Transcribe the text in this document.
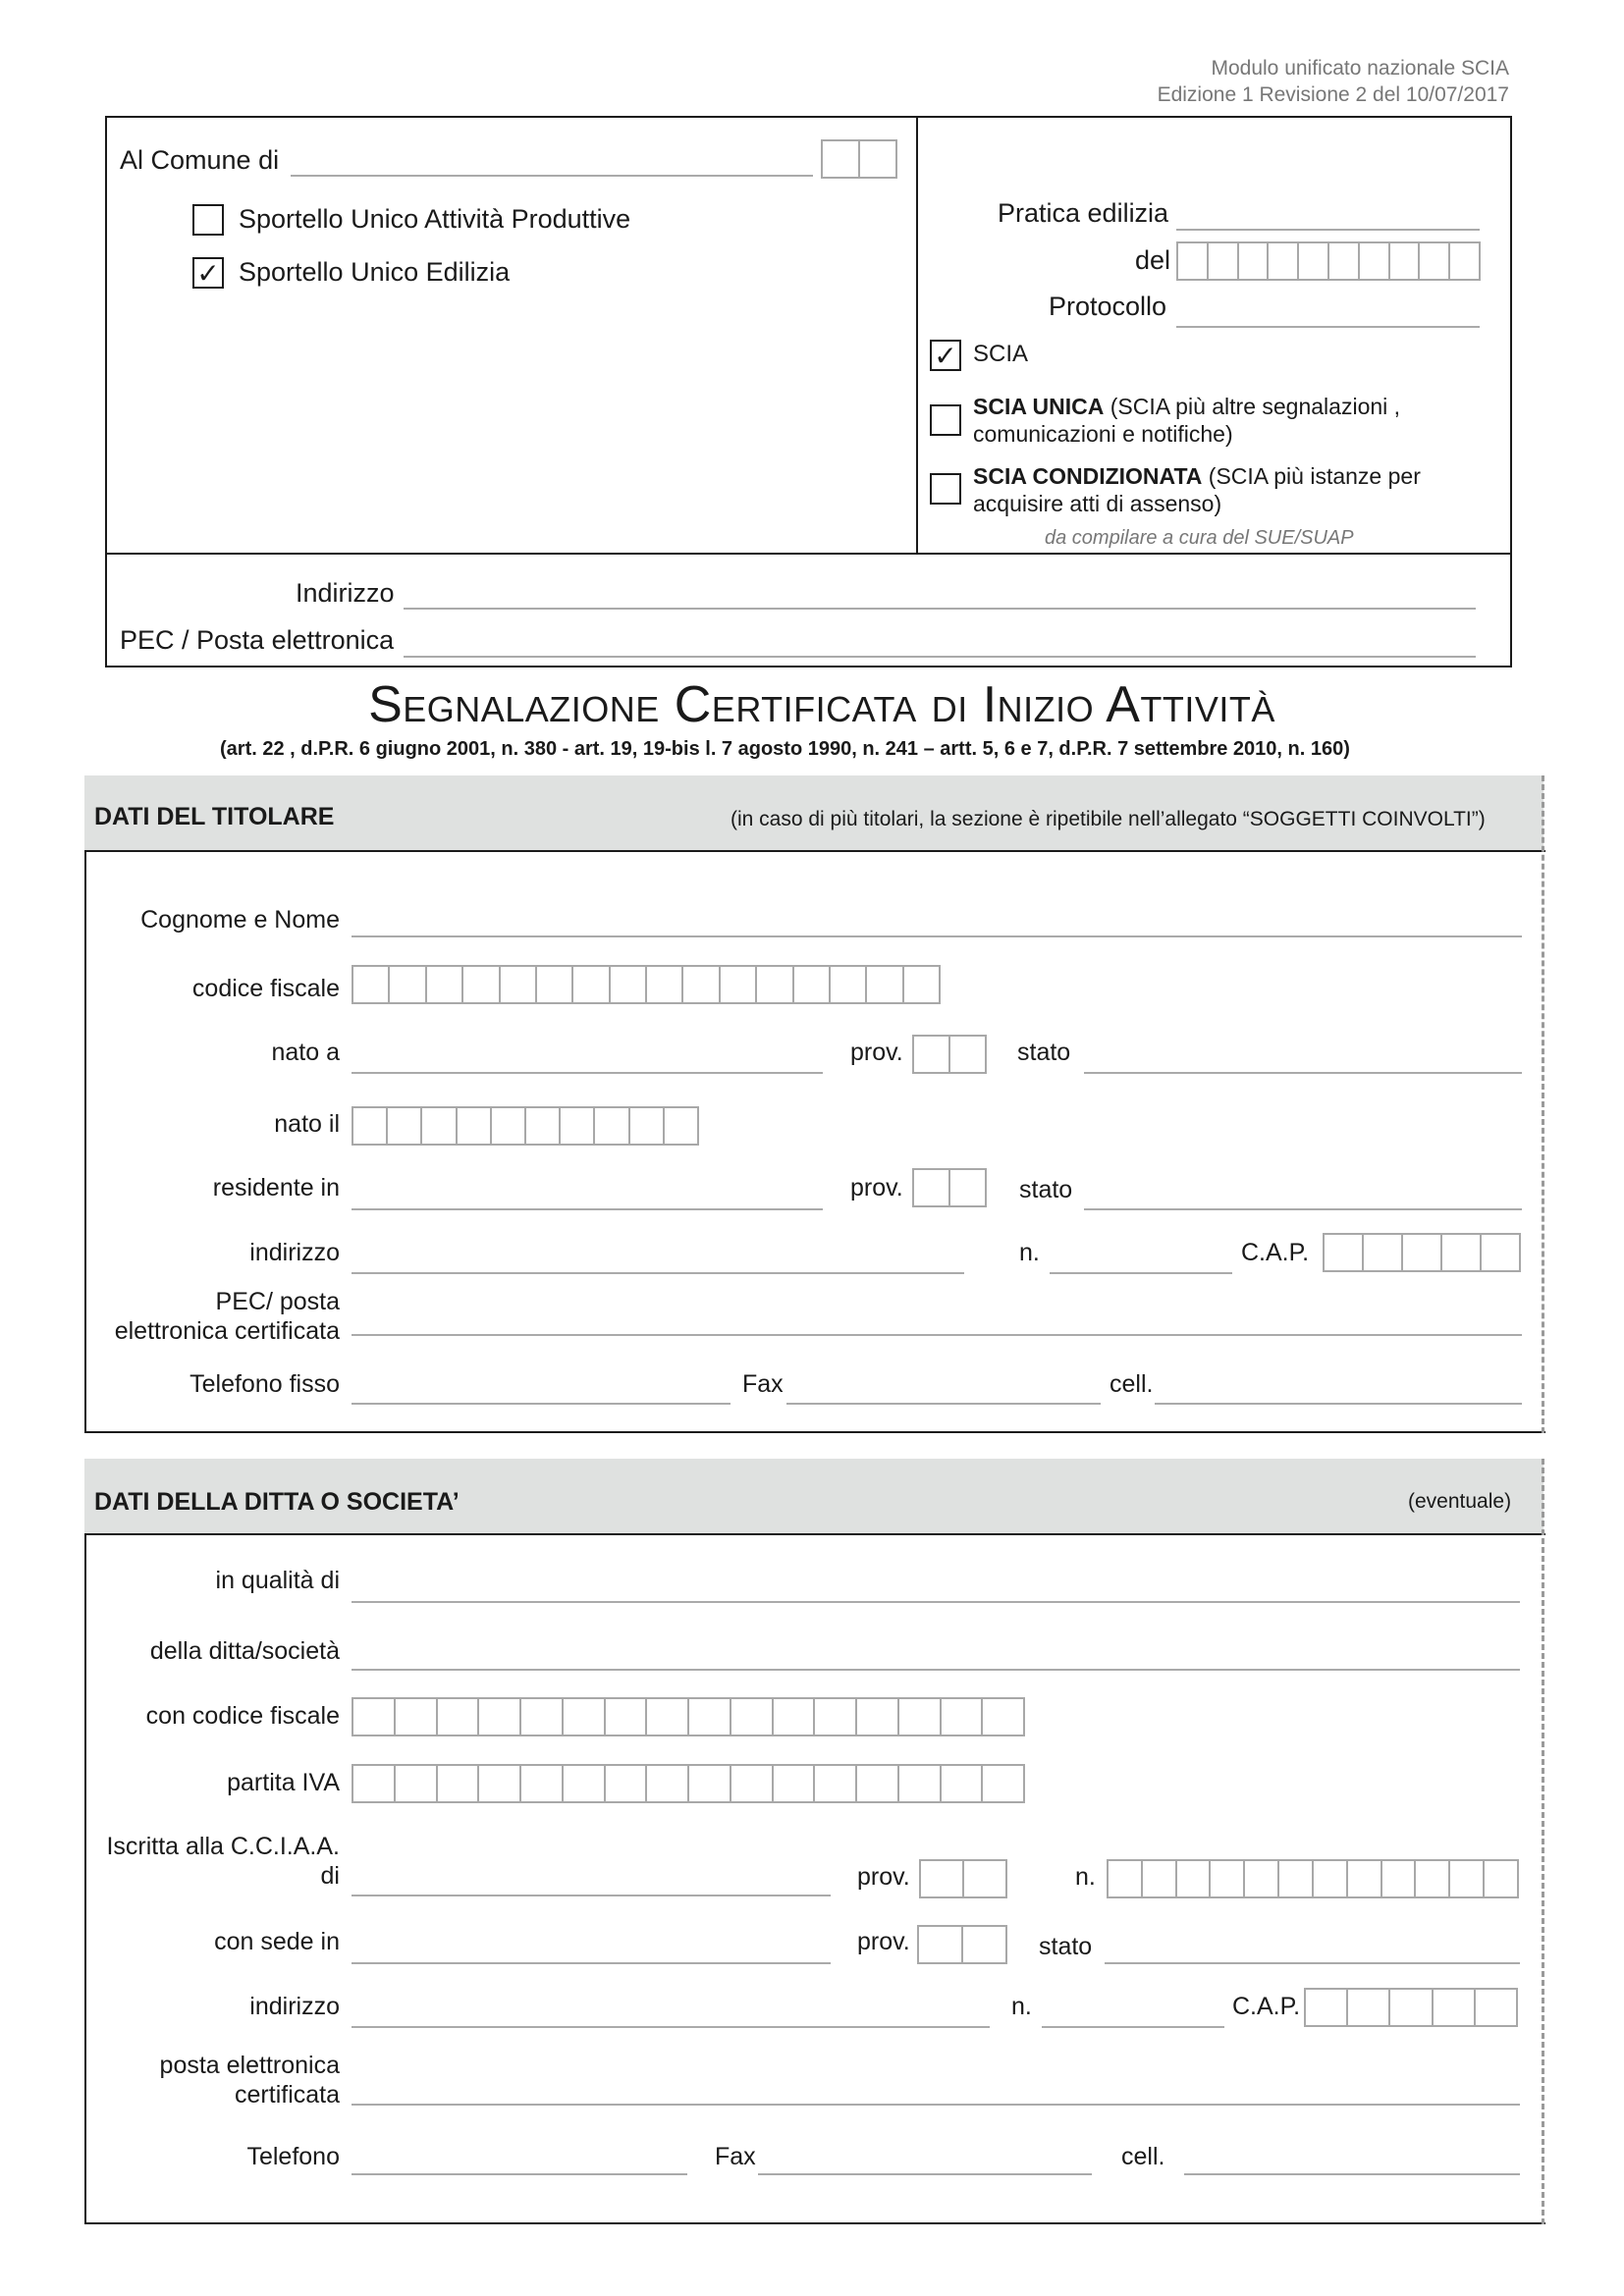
Modulo unificato nazionale SCIA
Edizione 1 Revisione 2 del 10/07/2017
Al Comune di
Sportello Unico Attività Produttive
✓ Sportello Unico Edilizia
Pratica edilizia
del
Protocollo
✓ SCIA
SCIA UNICA (SCIA più altre segnalazioni ,
comunicazioni e notifiche)
SCIA CONDIZIONATA (SCIA più istanze per
acquisire atti di assenso)
da compilare a cura del SUE/SUAP
Indirizzo
PEC / Posta elettronica
Segnalazione Certificata di Inizio Attività
(art. 22 , d.P.R. 6 giugno 2001, n. 380 - art. 19, 19-bis l. 7 agosto 1990, n. 241 – artt. 5, 6 e 7, d.P.R. 7 settembre 2010, n. 160)
DATI DEL TITOLARE	(in caso di più titolari, la sezione è ripetibile nell’allegato “SOGGETTI COINVOLTI”)
Cognome e Nome
codice fiscale
nato a	prov.	stato
nato il
residente in	prov.	stato
indirizzo	n.	C.A.P.
PEC/ posta
elettronica certificata
Telefono fisso	Fax	cell.
DATI DELLA DITTA O SOCIETA’	(eventuale)
in qualità di
della ditta/società
con codice fiscale
partita IVA
Iscritta alla C.C.I.A.A.
di	prov.	n.
con sede in	prov.	stato
indirizzo	n.	C.A.P.
posta elettronica
certificata
Telefono	Fax	cell.
